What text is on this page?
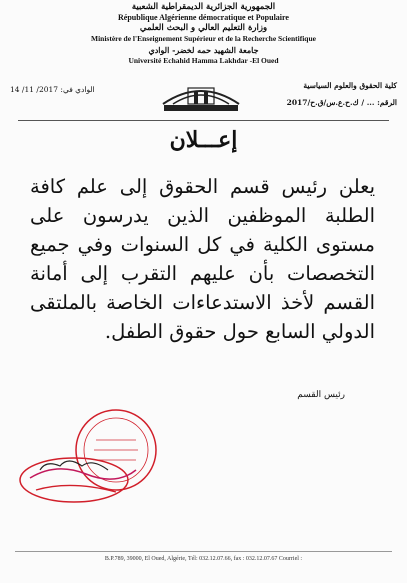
الجمهورية الجزائرية الديمقراطية الشعبية
République Algérienne démocratique et Populaire
وزارة التعليم العالي و البحث العلمي
Ministère de l'Enseignement Supérieur et de la Recherche Scientifique
جامعة الشهيد حمه لخضر- الوادي
Université Echahid Hamma Lakhdar -El Oued
كلية الحقوق والعلوم السياسية
الرقم: ... / ك.ح.ع.س/ق.ح/2017
الوادي في: 2017/ 11/ 14
إعـــلان
يعلن رئيس قسم الحقوق إلى علم كافة الطلبة الموظفين الذين يدرسون على مستوى الكلية في كل السنوات وفي جميع التخصصات بأن عليهم التقرب إلى أمانة القسم لأخذ الاستدعاءات الخاصة بالملتقى الدولي السابع حول حقوق الطفل.
رئيس القسم
B.P.789, 39000, El Oued, Algérie, Tél: 032.12.07.66, fax : 032.12.07.67 Courriel :
